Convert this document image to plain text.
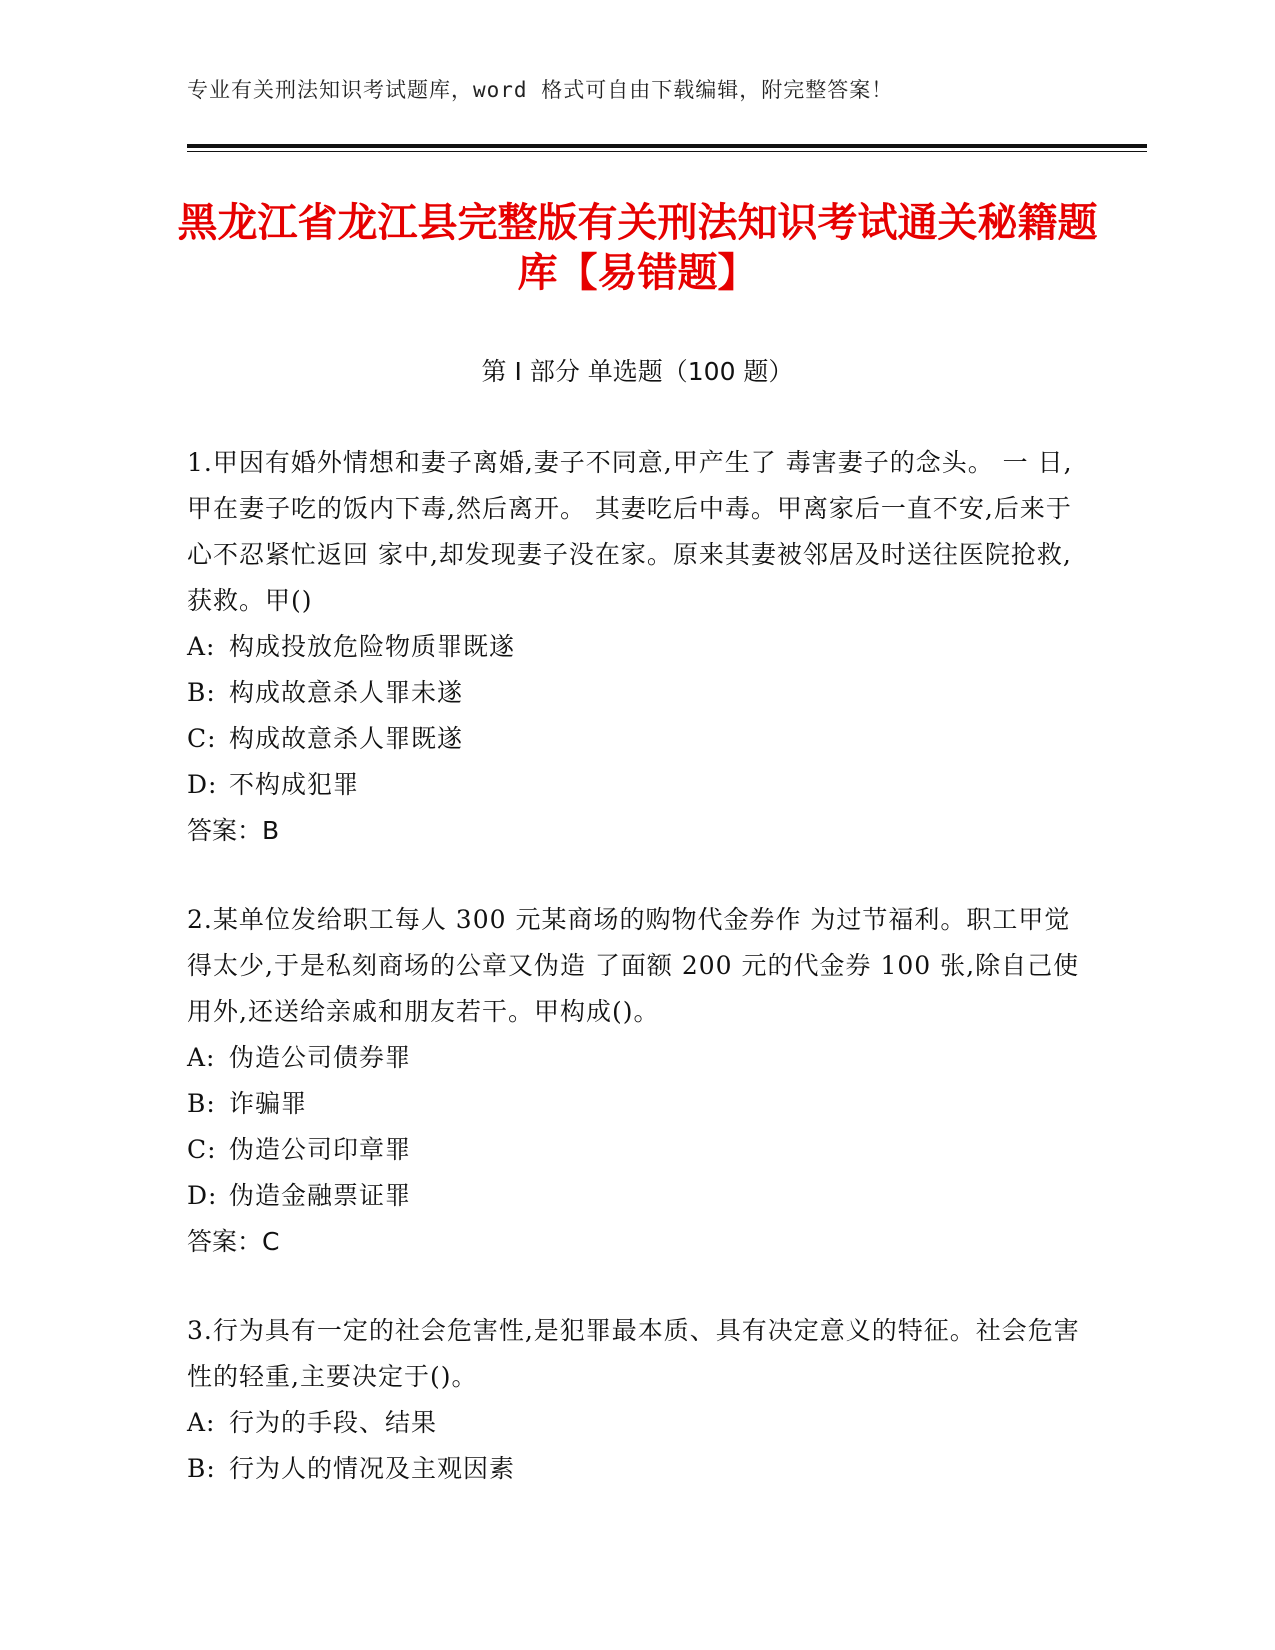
专业有关刑法知识考试题库，word 格式可自由下载编辑，附完整答案！
黑龙江省龙江县完整版有关刑法知识考试通关秘籍题库【易错题】
第 I 部分 单选题（100 题）
1.甲因有婚外情想和妻子离婚,妻子不同意,甲产生了 毒害妻子的念头。 一 日,甲在妻子吃的饭内下毒,然后离开。 其妻吃后中毒。甲离家后一直不安,后来于心不忍紧忙返回 家中,却发现妻子没在家。原来其妻被邻居及时送往医院抢救,获救。甲()
A: 构成投放危险物质罪既遂
B: 构成故意杀人罪未遂
C: 构成故意杀人罪既遂
D: 不构成犯罪
答案：B
2.某单位发给职工每人 300 元某商场的购物代金券作 为过节福利。职工甲觉得太少,于是私刻商场的公章又伪造 了面额 200 元的代金券 100 张,除自己使用外,还送给亲戚和朋友若干。甲构成()。
A: 伪造公司债券罪
B: 诈骗罪
C: 伪造公司印章罪
D: 伪造金融票证罪
答案：C
3.行为具有一定的社会危害性,是犯罪最本质、具有决定意义的特征。社会危害性的轻重,主要决定于()。
A: 行为的手段、结果
B: 行为人的情况及主观因素
